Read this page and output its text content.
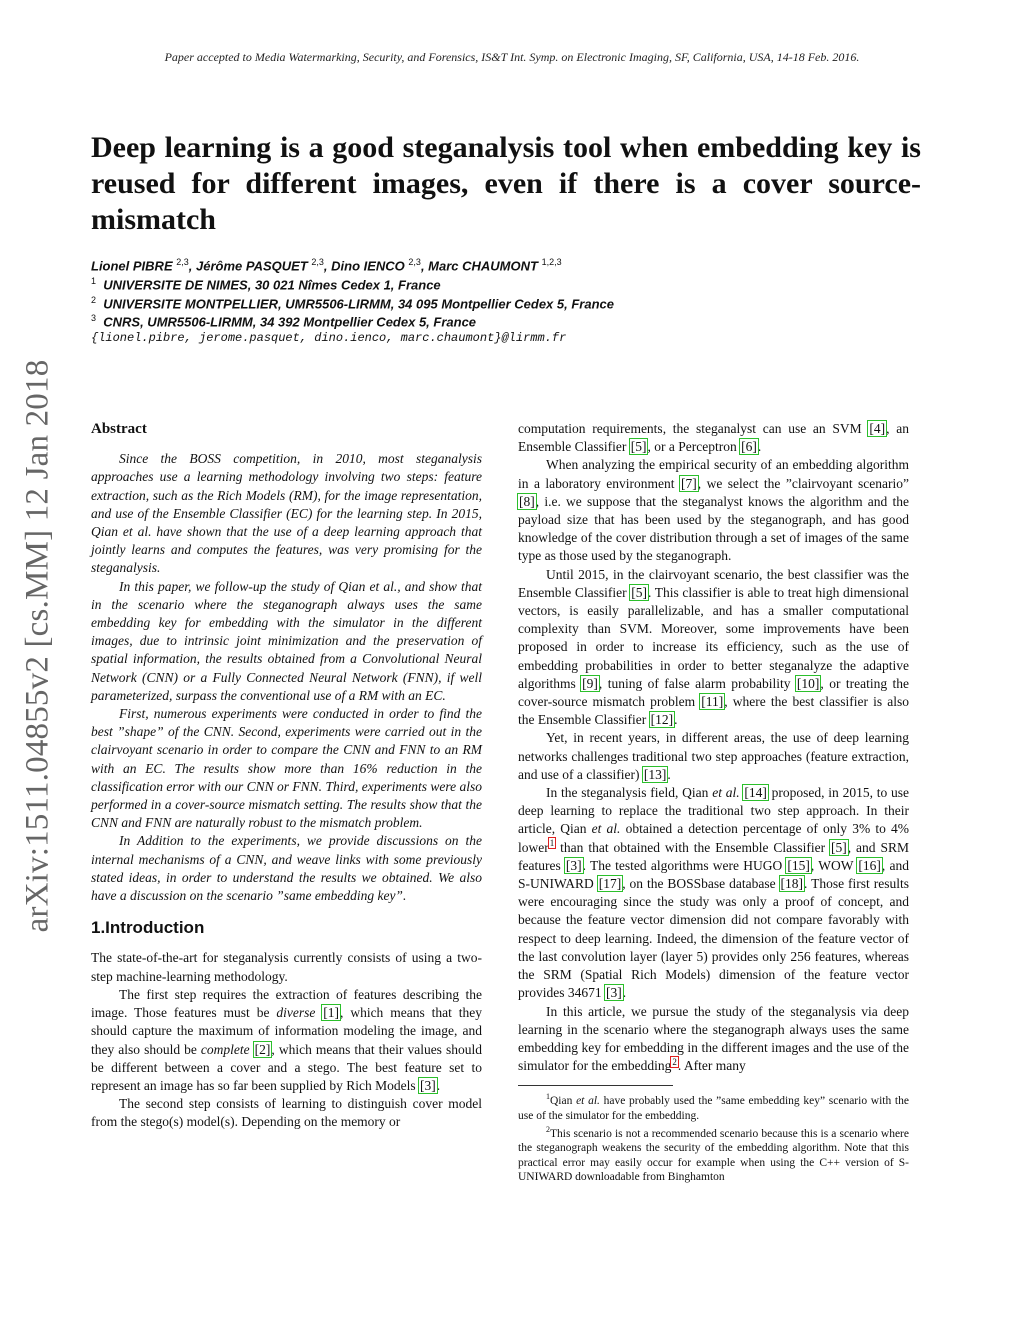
Paper accepted to Media Watermarking, Security, and Forensics, IS&T Int. Symp. on Electronic Imaging, SF, California, USA, 14-18 Feb. 2016.
arXiv:1511.04855v2 [cs.MM] 12 Jan 2018
Deep learning is a good steganalysis tool when embedding key is reused for different images, even if there is a cover source-mismatch
Lionel PIBRE $^{2,3}$, Jérôme PASQUET $^{2,3}$, Dino IENCO $^{2,3}$, Marc CHAUMONT $^{1,2,3}$
$^1$ UNIVERSITE DE NIMES, 30 021 Nîmes Cedex 1, France
$^2$ UNIVERSITE MONTPELLIER, UMR5506-LIRMM, 34 095 Montpellier Cedex 5, France
$^3$ CNRS, UMR5506-LIRMM, 34 392 Montpellier Cedex 5, France
{lionel.pibre, jerome.pasquet, dino.ienco, marc.chaumont}@lirmm.fr
Abstract

Since the BOSS competition, in 2010, most steganalysis approaches use a learning methodology involving two steps: feature extraction, such as the Rich Models (RM), for the image representation, and use of the Ensemble Classifier (EC) for the learning step. In 2015, Qian et al. have shown that the use of a deep learning approach that jointly learns and computes the features, was very promising for the steganalysis.

In this paper, we follow-up the study of Qian et al., and show that in the scenario where the steganograph always uses the same embedding key for embedding with the simulator in the different images, due to intrinsic joint minimization and the preservation of spatial information, the results obtained from a Convolutional Neural Network (CNN) or a Fully Connected Neural Network (FNN), if well parameterized, surpass the conventional use of a RM with an EC.

First, numerous experiments were conducted in order to find the best ”shape” of the CNN. Second, experiments were carried out in the clairvoyant scenario in order to compare the CNN and FNN to an RM with an EC. The results show more than 16% reduction in the classification error with our CNN or FNN. Third, experiments were also performed in a cover-source mismatch setting. The results show that the CNN and FNN are naturally robust to the mismatch problem.

In Addition to the experiments, we provide discussions on the internal mechanisms of a CNN, and weave links with some previously stated ideas, in order to understand the results we obtained. We also have a discussion on the scenario ”same embedding key”.

1.Introduction

The state-of-the-art for steganalysis currently consists of using a two-step machine-learning methodology.

The first step requires the extraction of features describing the image. Those features must be diverse [1], which means that they should capture the maximum of information modeling the image, and they also should be complete [2], which means that their values should be different between a cover and a stego. The best feature set to represent an image has so far been supplied by Rich Models [3].

The second step consists of learning to distinguish cover model from the stego(s) model(s). Depending on the memory or

computation requirements, the steganalyst can use an SVM [4], an Ensemble Classifier [5], or a Perceptron [6].

When analyzing the empirical security of an embedding algorithm in a laboratory environment [7], we select the ”clairvoyant scenario” [8], i.e. we suppose that the steganalyst knows the algorithm and the payload size that has been used by the steganograph, and has good knowledge of the cover distribution through a set of images of the same type as those used by the steganograph.

Until 2015, in the clairvoyant scenario, the best classifier was the Ensemble Classifier [5]. This classifier is able to treat high dimensional vectors, is easily parallelizable, and has a smaller computational complexity than SVM. Moreover, some improvements have been proposed in order to increase its efficiency, such as the use of embedding probabilities in order to better steganalyze the adaptive algorithms [9], tuning of false alarm probability [10], or treating the cover-source mismatch problem [11], where the best classifier is also the Ensemble Classifier [12].

Yet, in recent years, in different areas, the use of deep learning networks challenges traditional two step approaches (feature extraction, and use of a classifier) [13].

In the steganalysis field, Qian et al. [14] proposed, in 2015, to use deep learning to replace the traditional two step approach. In their article, Qian et al. obtained a detection percentage of only 3% to 4% lower$^1$ than that obtained with the Ensemble Classifier [5], and SRM features [3]. The tested algorithms were HUGO [15], WOW [16], and S-UNIWARD [17], on the BOSSbase database [18]. Those first results were encouraging since the study was only a proof of concept, and because the feature vector dimension did not compare favorably with respect to deep learning. Indeed, the dimension of the feature vector of the last convolution layer (layer 5) provides only 256 features, whereas the SRM (Spatial Rich Models) dimension of the feature vector provides 34671 [3].

In this article, we pursue the study of the steganalysis via deep learning in the scenario where the steganograph always uses the same embedding key for embedding in the different images and the use of the simulator for the embedding$^2$. After many

$^1$Qian et al. have probably used the ”same embedding key” scenario with the use of the simulator for the embedding.

$^2$This scenario is not a recommended scenario because this is a scenario where the steganograph weakens the security of the embedding algorithm. Note that this practical error may easily occur for example when using the C++ version of S-UNIWARD downloadable from Binghamton
